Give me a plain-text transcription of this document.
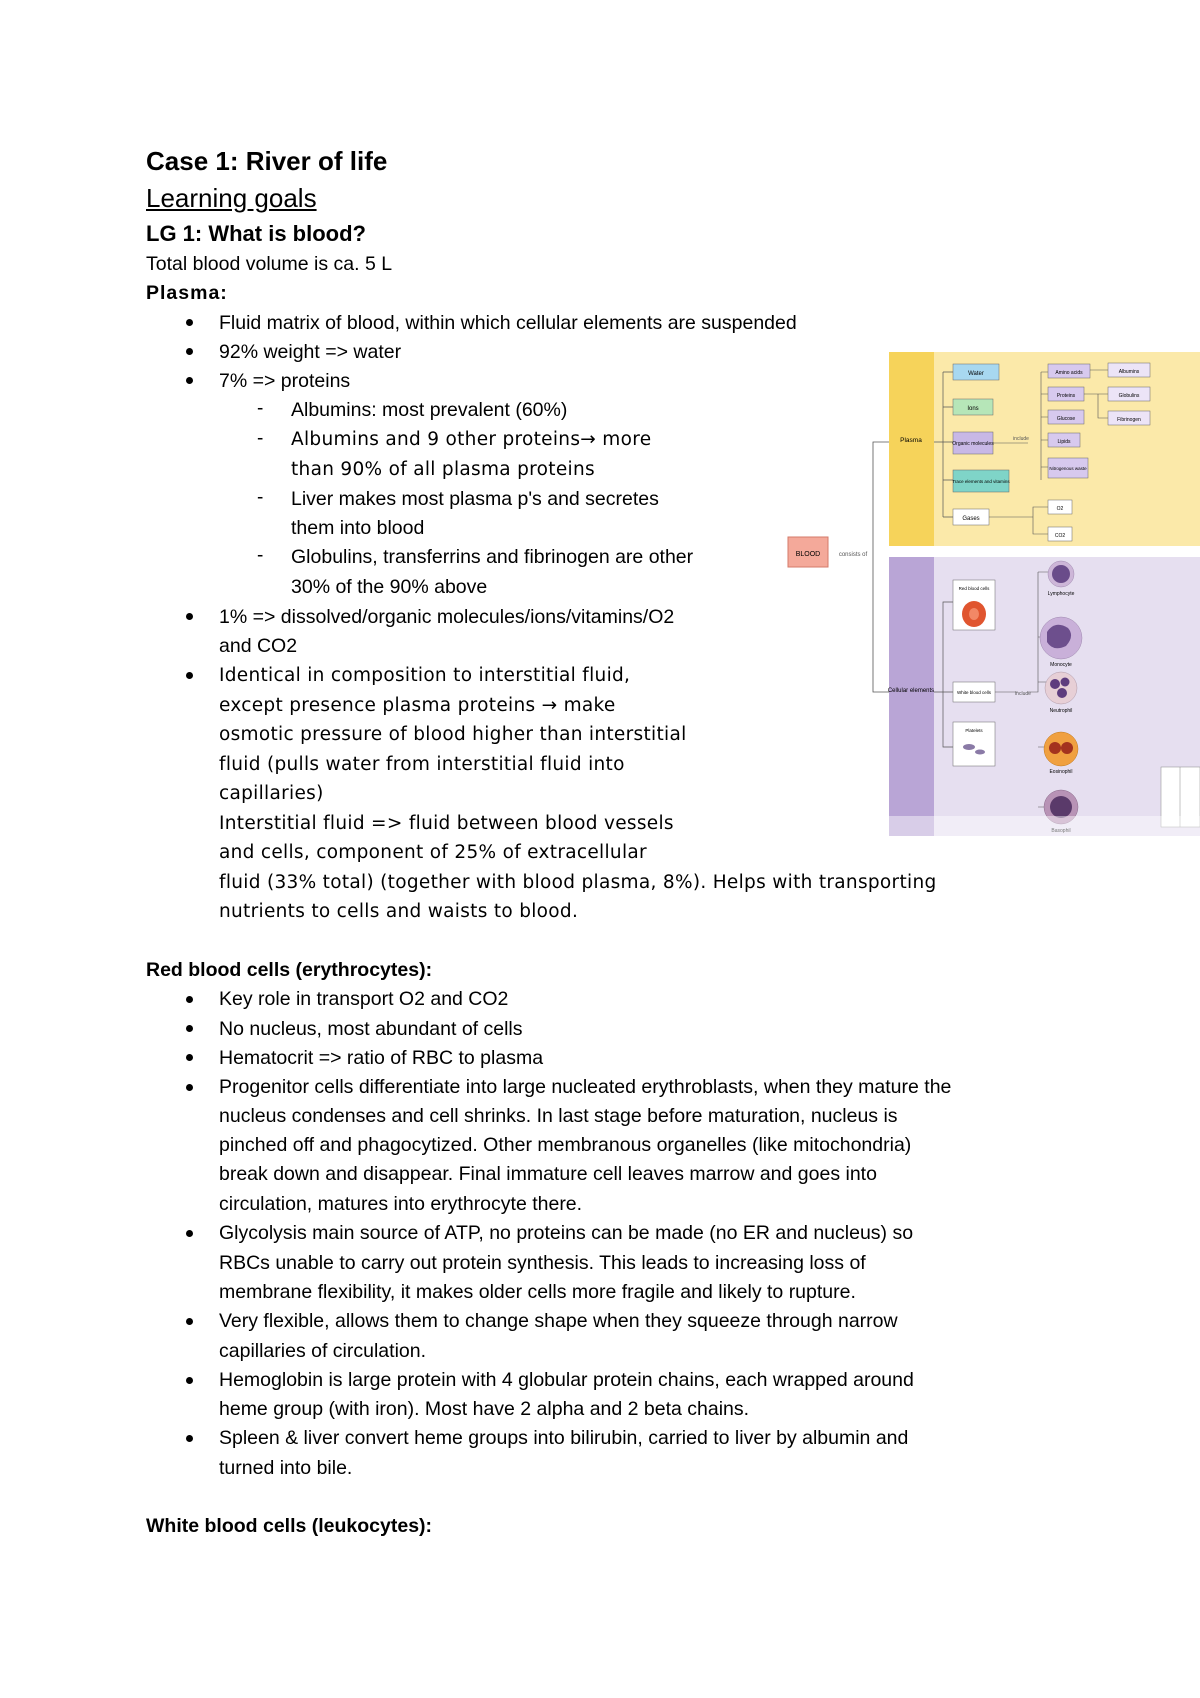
Case 1: River of life
Learning goals
LG 1: What is blood?
Total blood volume is ca. 5 L
Plasma:
Fluid matrix of blood, within which cellular elements are suspended
92% weight => water
7% => proteins
- Albumins: most prevalent (60%)
- Albumins and 9 other proteins→ more
than 90% of all plasma proteins
- Liver makes most plasma p's and secretes
them into blood
- Globulins, transferrins and fibrinogen are other
30% of the 90% above
1% => dissolved/organic molecules/ions/vitamins/O2
and CO2
Identical in composition to interstitial fluid,
except presence plasma proteins → make
osmotic pressure of blood higher than interstitial
fluid (pulls water from interstitial fluid into
capillaries)
Interstitial fluid => fluid between blood vessels
and cells, component of 25% of extracellular
fluid (33% total) (together with blood plasma, 8%). Helps with transporting
nutrients to cells and waists to blood.
Red blood cells (erythrocytes):
Key role in transport O2 and CO2
No nucleus, most abundant of cells
Hematocrit => ratio of RBC to plasma
Progenitor cells differentiate into large nucleated erythroblasts, when they mature the
nucleus condenses and cell shrinks. In last stage before maturation, nucleus is
pinched off and phagocytized. Other membranous organelles (like mitochondria)
break down and disappear. Final immature cell leaves marrow and goes into
circulation, matures into erythrocyte there.
Glycolysis main source of ATP, no proteins can be made (no ER and nucleus) so
RBCs unable to carry out protein synthesis. This leads to increasing loss of
membrane flexibility, it makes older cells more fragile and likely to rupture.
Very flexible, allows them to change shape when they squeeze through narrow
capillaries of circulation.
Hemoglobin is large protein with 4 globular protein chains, each wrapped around
heme group (with iron). Most have 2 alpha and 2 beta chains.
Spleen & liver convert heme groups into bilirubin, carried to liver by albumin and
turned into bile.
White blood cells (leukocytes):
Plasma
Cellular elements
BLOOD	consists of
Water
Ions
Organic molecules
Trace elements and vitamins
Gases
include
Amino acids
Proteins
Glucose
Lipids
Nitrogenous waste
O2
CO2
Albumins
Globulins
Fibrinogen
Red blood cells
White blood cells
Platelets
include
Lymphocyte
Monocyte
Neutrophil
Eosinophil
Basophil
